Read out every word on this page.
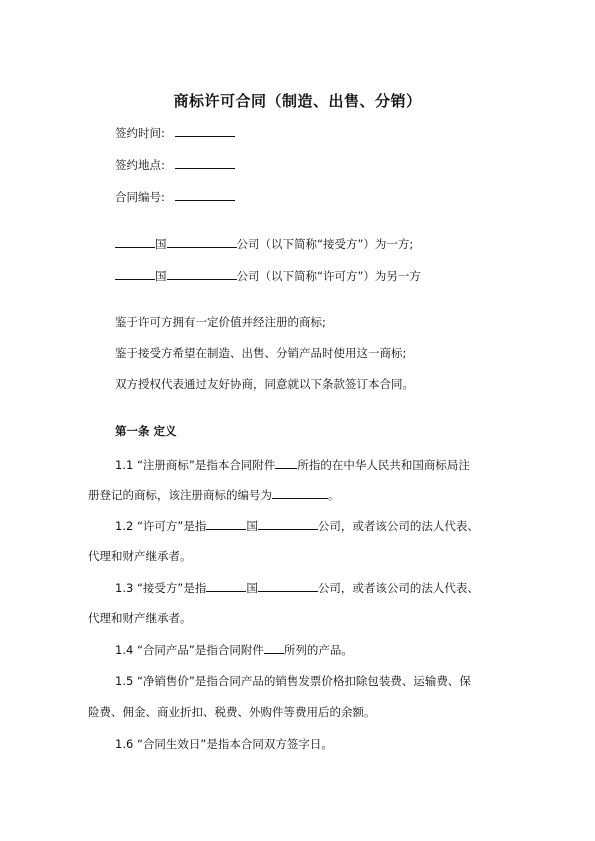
商标许可合同（制造、出售、分销）
签约时间:
签约地点:
合同编号:
国	公司（以下简称“接受方”）为一方;
国	公司（以下简称“许可方”）为另一方
鉴于许可方拥有一定价值并经注册的商标;
鉴于接受方希望在制造、出售、分销产品时使用这一商标;
双方授权代表通过友好协商，同意就以下条款签订本合同。
第一条 定义
1.1 “注册商标”是指本合同附件 所指的在中华人民共和国商标局注
册登记的商标，该注册商标的编号为	。
1.2 “许可方”是指	国	公司，或者该公司的法人代表、
代理和财产继承者。
1.3 “接受方”是指	国	公司，或者该公司的法人代表、
代理和财产继承者。
1.4 “合同产品”是指合同附件 所列的产品。
1.5 “净销售价”是指合同产品的销售发票价格扣除包装费、运输费、保
险费、佣金、商业折扣、税费、外购件等费用后的余额。
1.6 “合同生效日”是指本合同双方签字日。
